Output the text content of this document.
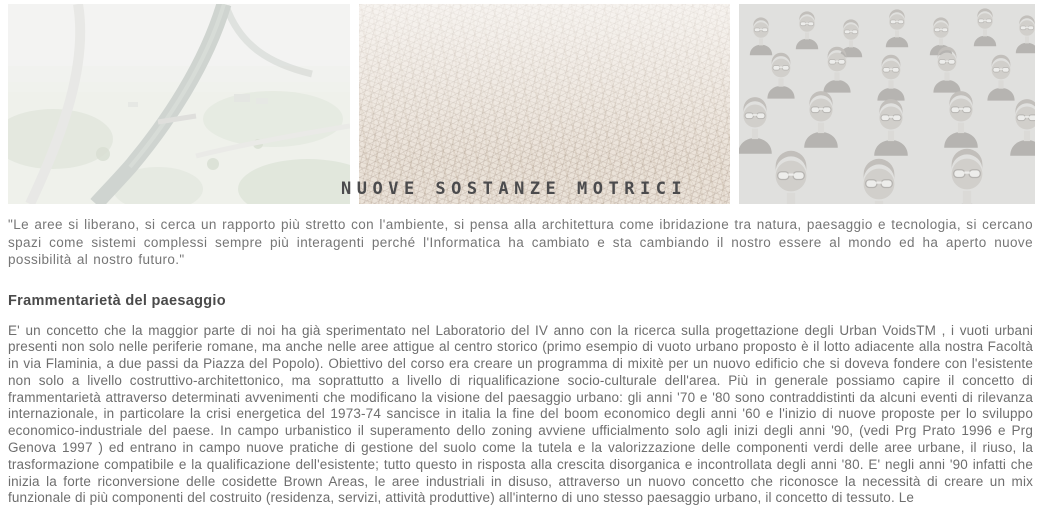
NUOVE SOSTANZE MOTRICI

"Le aree si liberano, si cerca un rapporto più stretto con l'ambiente, si pensa alla architettura come ibridazione tra natura, paesaggio e tecnologia, si cercano spazi come sistemi complessi sempre più interagenti perché l'Informatica ha cambiato e sta cambiando il nostro essere al mondo ed ha aperto nuove possibilità al nostro futuro."

Frammentarietà del paesaggio

E' un concetto che la maggior parte di noi ha già sperimentato nel Laboratorio del IV anno con la ricerca sulla progettazione degli Urban VoidsTM , i vuoti urbani presenti non solo nelle periferie romane, ma anche nelle aree attigue al centro storico (primo esempio di vuoto urbano proposto è il lotto adiacente alla nostra Facoltà in via Flaminia, a due passi da Piazza del Popolo). Obiettivo del corso era creare un programma di mixitè per un nuovo edificio che si doveva fondere con l'esistente non solo a livello costruttivo-architettonico, ma soprattutto a livello di riqualificazione socio-culturale dell'area. Più in generale possiamo capire il concetto di frammentarietà attraverso determinati avvenimenti che modificano la visione del paesaggio urbano: gli anni '70 e '80 sono contraddistinti da alcuni eventi di rilevanza internazionale, in particolare la crisi energetica del 1973-74 sancisce in italia la fine del boom economico degli anni '60 e l'inizio di nuove proposte per lo sviluppo economico-industriale del paese. In campo urbanistico il superamento dello zoning avviene ufficialmento solo agli inizi degli anni '90, (vedi Prg Prato 1996 e Prg Genova 1997 ) ed entrano in campo nuove pratiche di gestione del suolo come la tutela e la valorizzazione delle componenti verdi delle aree urbane, il riuso, la trasformazione compatibile e la qualificazione dell'esistente; tutto questo in risposta alla crescita disorganica e incontrollata degli anni '80. E' negli anni '90 infatti che inizia la forte riconversione delle cosidette Brown Areas, le aree industriali in disuso, attraverso un nuovo concetto che riconosce la necessità di creare un mix funzionale di più componenti del costruito (residenza, servizi, attività produttive) all'interno di uno stesso paesaggio urbano, il concetto di tessuto. Le
